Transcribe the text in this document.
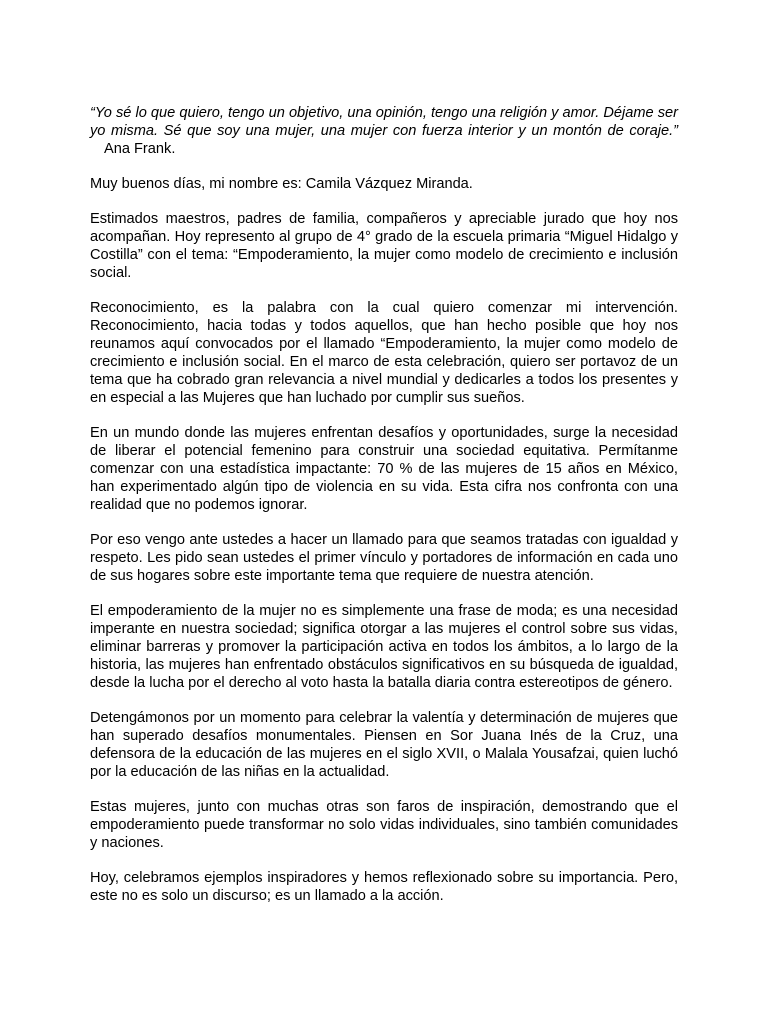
“Yo sé lo que quiero, tengo un objetivo, una opinión, tengo una religión y amor. Déjame ser yo misma. Sé que soy una mujer, una mujer con fuerza interior y un montón de coraje.” Ana Frank.

Muy buenos días, mi nombre es: Camila Vázquez Miranda.

Estimados maestros, padres de familia, compañeros y apreciable jurado que hoy nos acompañan. Hoy represento al grupo de 4° grado de la escuela primaria “Miguel Hidalgo y Costilla” con el tema: “Empoderamiento, la mujer como modelo de crecimiento e inclusión social.

Reconocimiento, es la palabra con la cual quiero comenzar mi intervención. Reconocimiento, hacia todas y todos aquellos, que han hecho posible que hoy nos reunamos aquí convocados por el llamado “Empoderamiento, la mujer como modelo de crecimiento e inclusión social. En el marco de esta celebración, quiero ser portavoz de un tema que ha cobrado gran relevancia a nivel mundial y dedicarles a todos los presentes y en especial a las Mujeres que han luchado por cumplir sus sueños.

En un mundo donde las mujeres enfrentan desafíos y oportunidades, surge la necesidad de liberar el potencial femenino para construir una sociedad equitativa. Permítanme comenzar con una estadística impactante: 70 % de las mujeres de 15 años en México, han experimentado algún tipo de violencia en su vida. Esta cifra nos confronta con una realidad que no podemos ignorar.

Por eso vengo ante ustedes a hacer un llamado para que seamos tratadas con igualdad y respeto. Les pido sean ustedes el primer vínculo y portadores de información en cada uno de sus hogares sobre este importante tema que requiere de nuestra atención.

El empoderamiento de la mujer no es simplemente una frase de moda; es una necesidad imperante en nuestra sociedad; significa otorgar a las mujeres el control sobre sus vidas, eliminar barreras y promover la participación activa en todos los ámbitos, a lo largo de la historia, las mujeres han enfrentado obstáculos significativos en su búsqueda de igualdad, desde la lucha por el derecho al voto hasta la batalla diaria contra estereotipos de género.

Detengámonos por un momento para celebrar la valentía y determinación de mujeres que han superado desafíos monumentales. Piensen en Sor Juana Inés de la Cruz, una defensora de la educación de las mujeres en el siglo XVII, o Malala Yousafzai, quien luchó por la educación de las niñas en la actualidad.

Estas mujeres, junto con muchas otras son faros de inspiración, demostrando que el empoderamiento puede transformar no solo vidas individuales, sino también comunidades y naciones.

Hoy, celebramos ejemplos inspiradores y hemos reflexionado sobre su importancia. Pero, este no es solo un discurso; es un llamado a la acción.
